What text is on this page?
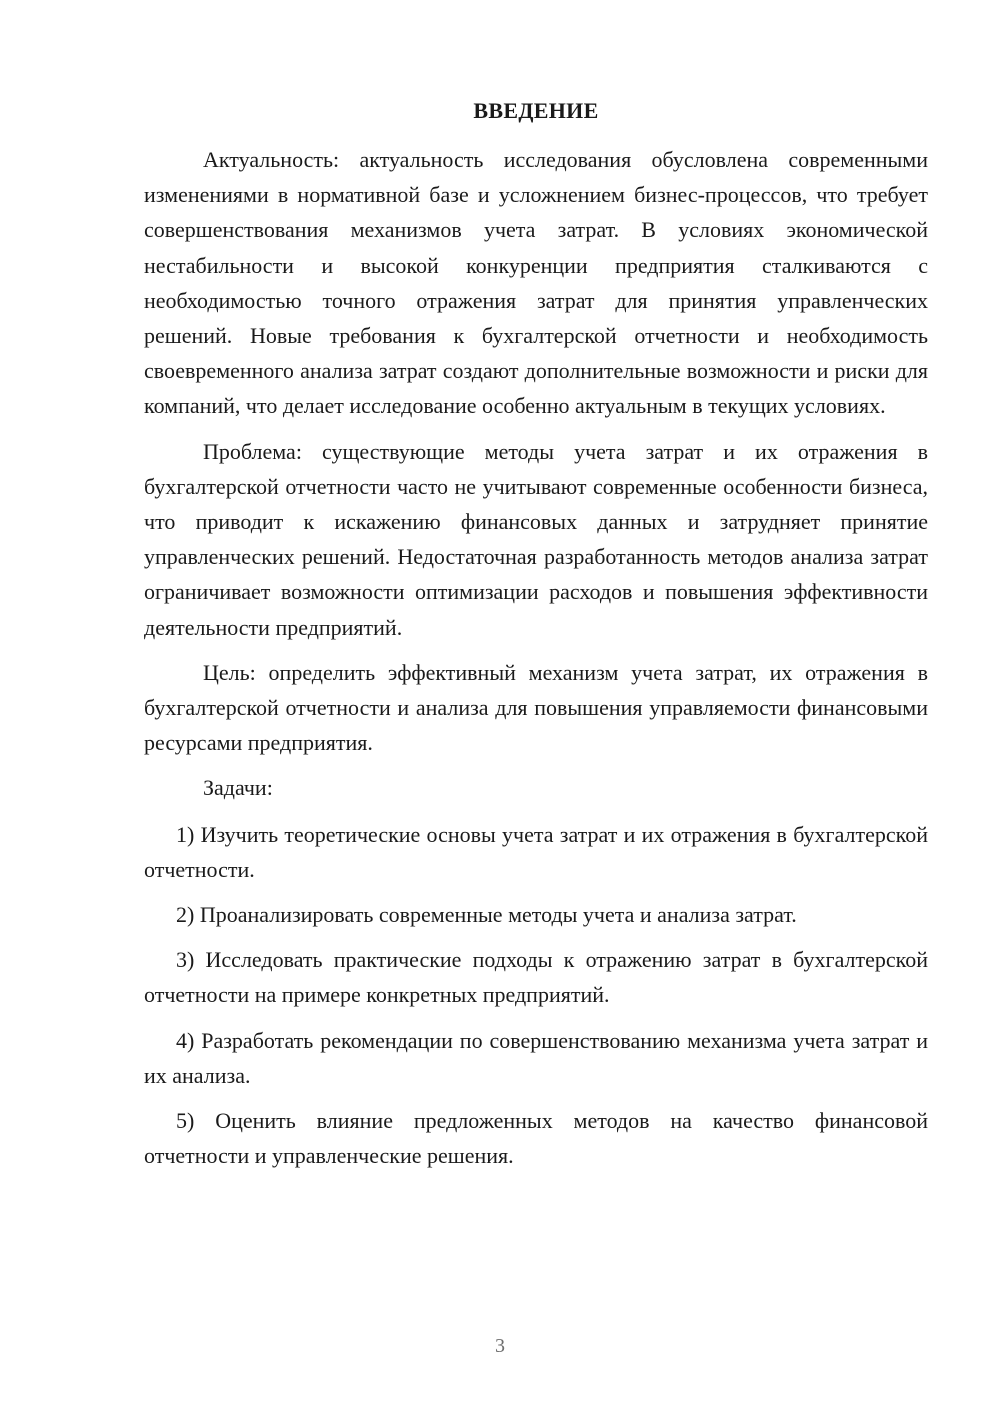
ВВЕДЕНИЕ

Актуальность: актуальность исследования обусловлена современными изменениями в нормативной базе и усложнением бизнес-процессов, что требует совершенствования механизмов учета затрат. В условиях экономической нестабильности и высокой конкуренции предприятия сталкиваются с необходимостью точного отражения затрат для принятия управленческих решений. Новые требования к бухгалтерской отчетности и необходимость своевременного анализа затрат создают дополнительные возможности и риски для компаний, что делает исследование особенно актуальным в текущих условиях.

Проблема: существующие методы учета затрат и их отражения в бухгалтерской отчетности часто не учитывают современные особенности бизнеса, что приводит к искажению финансовых данных и затрудняет принятие управленческих решений. Недостаточная разработанность методов анализа затрат ограничивает возможности оптимизации расходов и повышения эффективности деятельности предприятий.

Цель: определить эффективный механизм учета затрат, их отражения в бухгалтерской отчетности и анализа для повышения управляемости финансовыми ресурсами предприятия.

Задачи:

1) Изучить теоретические основы учета затрат и их отражения в бухгалтерской отчетности.

2) Проанализировать современные методы учета и анализа затрат.

3) Исследовать практические подходы к отражению затрат в бухгалтерской отчетности на примере конкретных предприятий.

4) Разработать рекомендации по совершенствованию механизма учета затрат и их анализа.

5) Оценить влияние предложенных методов на качество финансовой отчетности и управленческие решения.

3
